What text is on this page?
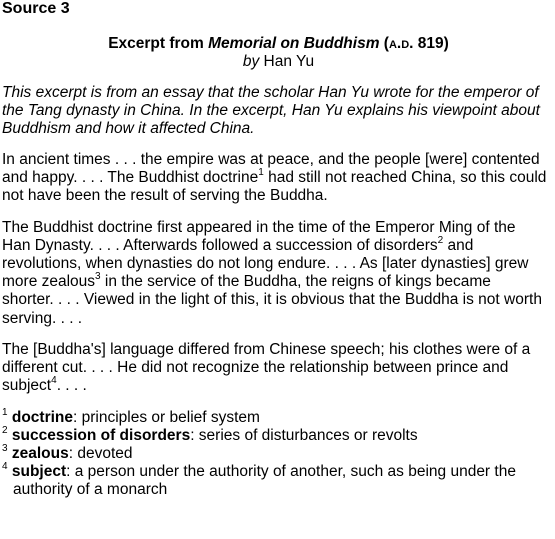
Source 3

Excerpt from Memorial on Buddhism (a.d. 819)
by Han Yu
This excerpt is from an essay that the scholar Han Yu wrote for the emperor of
the Tang dynasty in China. In the excerpt, Han Yu explains his viewpoint about
Buddhism and how it affected China.
In ancient times . . . the empire was at peace, and the people [were] contented
and happy. . . . The Buddhist doctrine$^1$ had still not reached China, so this could
not have been the result of serving the Buddha.
The Buddhist doctrine first appeared in the time of the Emperor Ming of the
Han Dynasty. . . . Afterwards followed a succession of disorders$^2$ and
revolutions, when dynasties do not long endure. . . . As [later dynasties] grew
more zealous$^3$ in the service of the Buddha, the reigns of kings became
shorter. . . . Viewed in the light of this, it is obvious that the Buddha is not worth
serving. . . .
The [Buddha's] language differed from Chinese speech; his clothes were of a
different cut. . . . He did not recognize the relationship between prince and
subject$^4$. . . .
$^1$ doctrine: principles or belief system
$^2$ succession of disorders: series of disturbances or revolts
$^3$ zealous: devoted
$^4$ subject: a person under the authority of another, such as being under the
authority of a monarch
